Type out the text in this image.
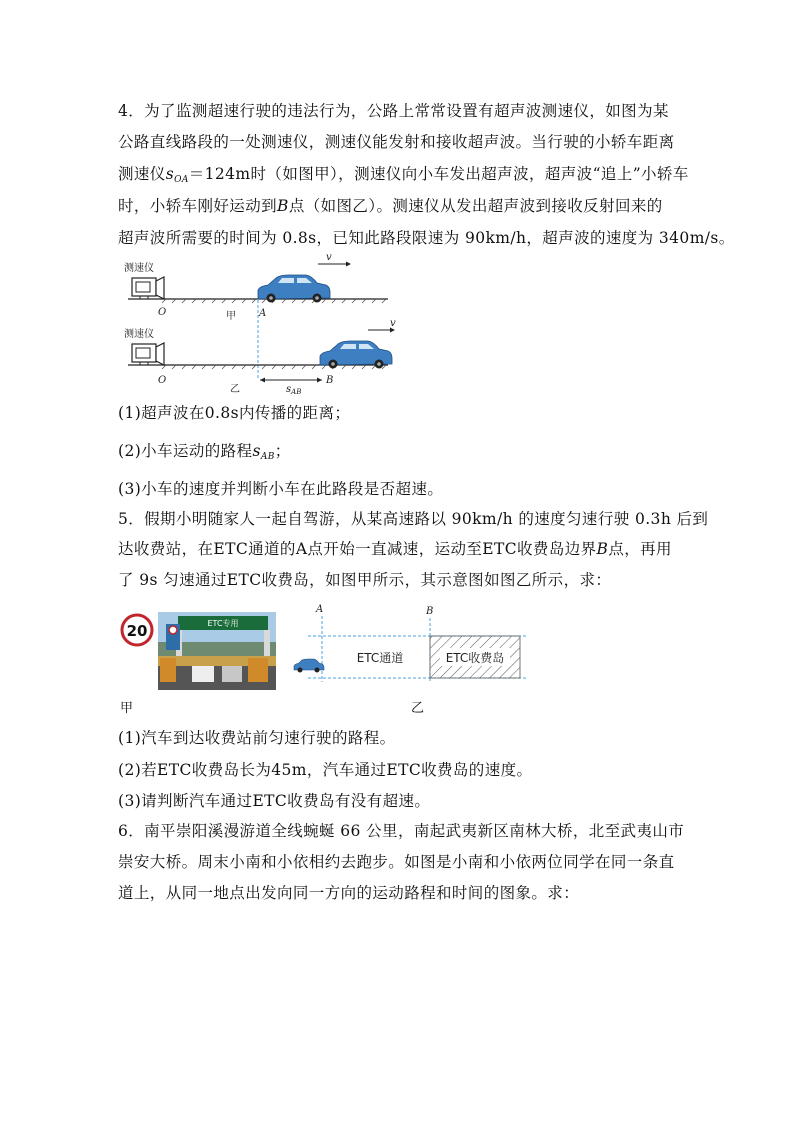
4．为了监测超速行驶的违法行为，公路上常常设置有超声波测速仪，如图为某
公路直线路段的一处测速仪，测速仪能发射和接收超声波。当行驶的小轿车距离
测速仪$s_{OA}=124m$时（如图甲），测速仪向小车发出超声波，超声波“追上”小轿车
时，小轿车刚好运动到B点（如图乙）。测速仪从发出超声波到接收反射回来的
超声波所需要的时间为 0.8s，已知此路段限速为 90km/h，超声波的速度为 340m/s。
测速仪
v
O	甲 A
测速仪
v
O
乙
B
$s_{AB}$
(1)超声波在0.8s内传播的距离；
(2)小车运动的路程$s_{AB}$；
(3)小车的速度并判断小车在此路段是否超速。
5．假期小明随家人一起自驾游，从某高速路以 90km/h 的速度匀速行驶 0.3h 后到
达收费站，在ETC通道的A点开始一直减速，运动至ETC收费岛边界B点，再用
了 9s 匀速通过ETC收费岛，如图甲所示，其示意图如图乙所示，求：
20	ETC专用
甲
A	B
ETC收费岛
ETC通道
乙
(1)汽车到达收费站前匀速行驶的路程。
(2)若ETC收费岛长为45m，汽车通过ETC收费岛的速度。
(3)请判断汽车通过ETC收费岛有没有超速。
6．南平崇阳溪漫游道全线蜿蜒 66 公里，南起武夷新区南林大桥，北至武夷山市
崇安大桥。周末小南和小依相约去跑步。如图是小南和小依两位同学在同一条直
道上，从同一地点出发向同一方向的运动路程和时间的图象。求：
